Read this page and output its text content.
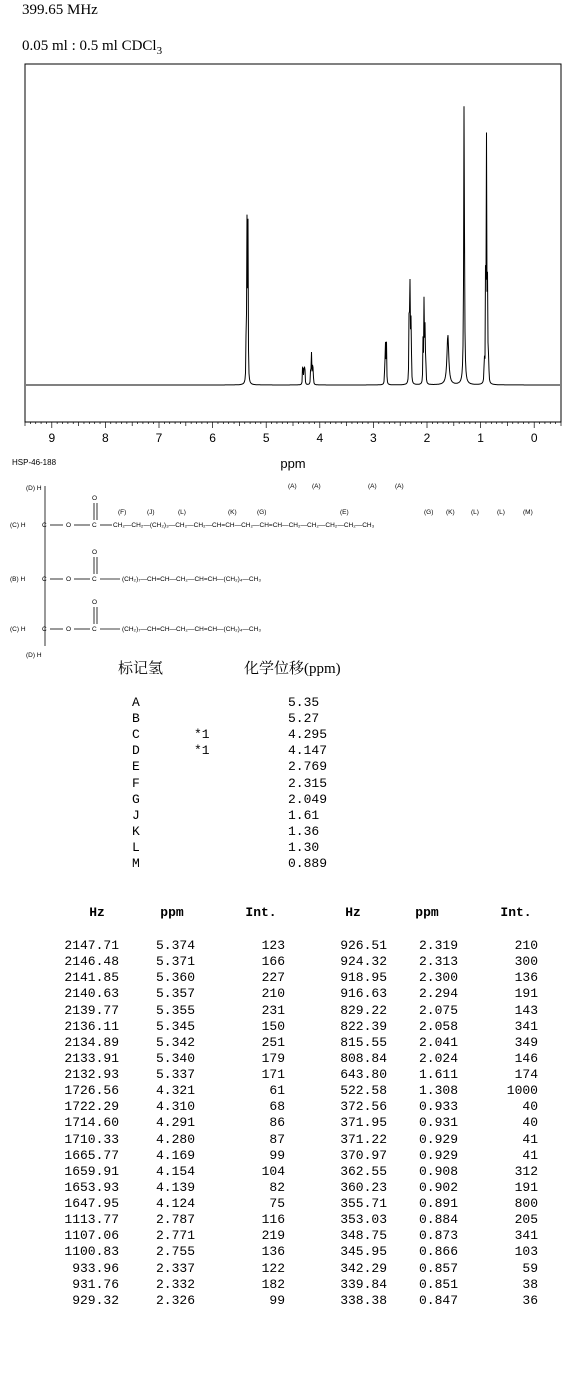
399.65 MHz
0.05 ml : 0.5 ml CDCl$_3$
9	8	7	6	5	4	3	2	1	0
ppm
HSP-46-188
(D) H
(D) H
(C) H	C	O	C
O
CH₂—CH₂—(CH₂)₃—CH₂—CH₂—CH=CH—CH₂—CH=CH—CH₂—CH₂—CH₂—CH₂—CH₃
(F)	(J)	(L)	(K)	(G)
(A) (A)
(E)
(A)	(A)
(G) (K)	(L)	(L)	(M)
(B) H	C	O	C
O
(CH₂)₇—CH=CH—CH₂—CH=CH—(CH₂)₄—CH₃
(C) H	C	O	C
O
(CH₂)₇—CH=CH—CH₂—CH=CH—(CH₂)₄—CH₃
标记氢	化学位移(ppm)
A	5.35
B	5.27
C	*1	4.295
D	*1	4.147
E	2.769
F	2.315
G	2.049
J	1.61
K	1.36
L	1.30
M	0.889
Hz	ppm	Int.	Hz	ppm	Int.
2147.71	5.374	123	926.51	2.319	210
2146.48	5.371	166	924.32	2.313	300
2141.85	5.360	227	918.95	2.300	136
2140.63	5.357	210	916.63	2.294	191
2139.77	5.355	231	829.22	2.075	143
2136.11	5.345	150	822.39	2.058	341
2134.89	5.342	251	815.55	2.041	349
2133.91	5.340	179	808.84	2.024	146
2132.93	5.337	171	643.80	1.611	174
1726.56	4.321	61	522.58	1.308	1000
1722.29	4.310	68	372.56	0.933	40
1714.60	4.291	86	371.95	0.931	40
1710.33	4.280	87	371.22	0.929	41
1665.77	4.169	99	370.97	0.929	41
1659.91	4.154	104	362.55	0.908	312
1653.93	4.139	82	360.23	0.902	191
1647.95	4.124	75	355.71	0.891	800
1113.77	2.787	116	353.03	0.884	205
1107.06	2.771	219	348.75	0.873	341
1100.83	2.755	136	345.95	0.866	103
933.96	2.337	122	342.29	0.857	59
931.76	2.332	182	339.84	0.851	38
929.32	2.326	99	338.38	0.847	36
